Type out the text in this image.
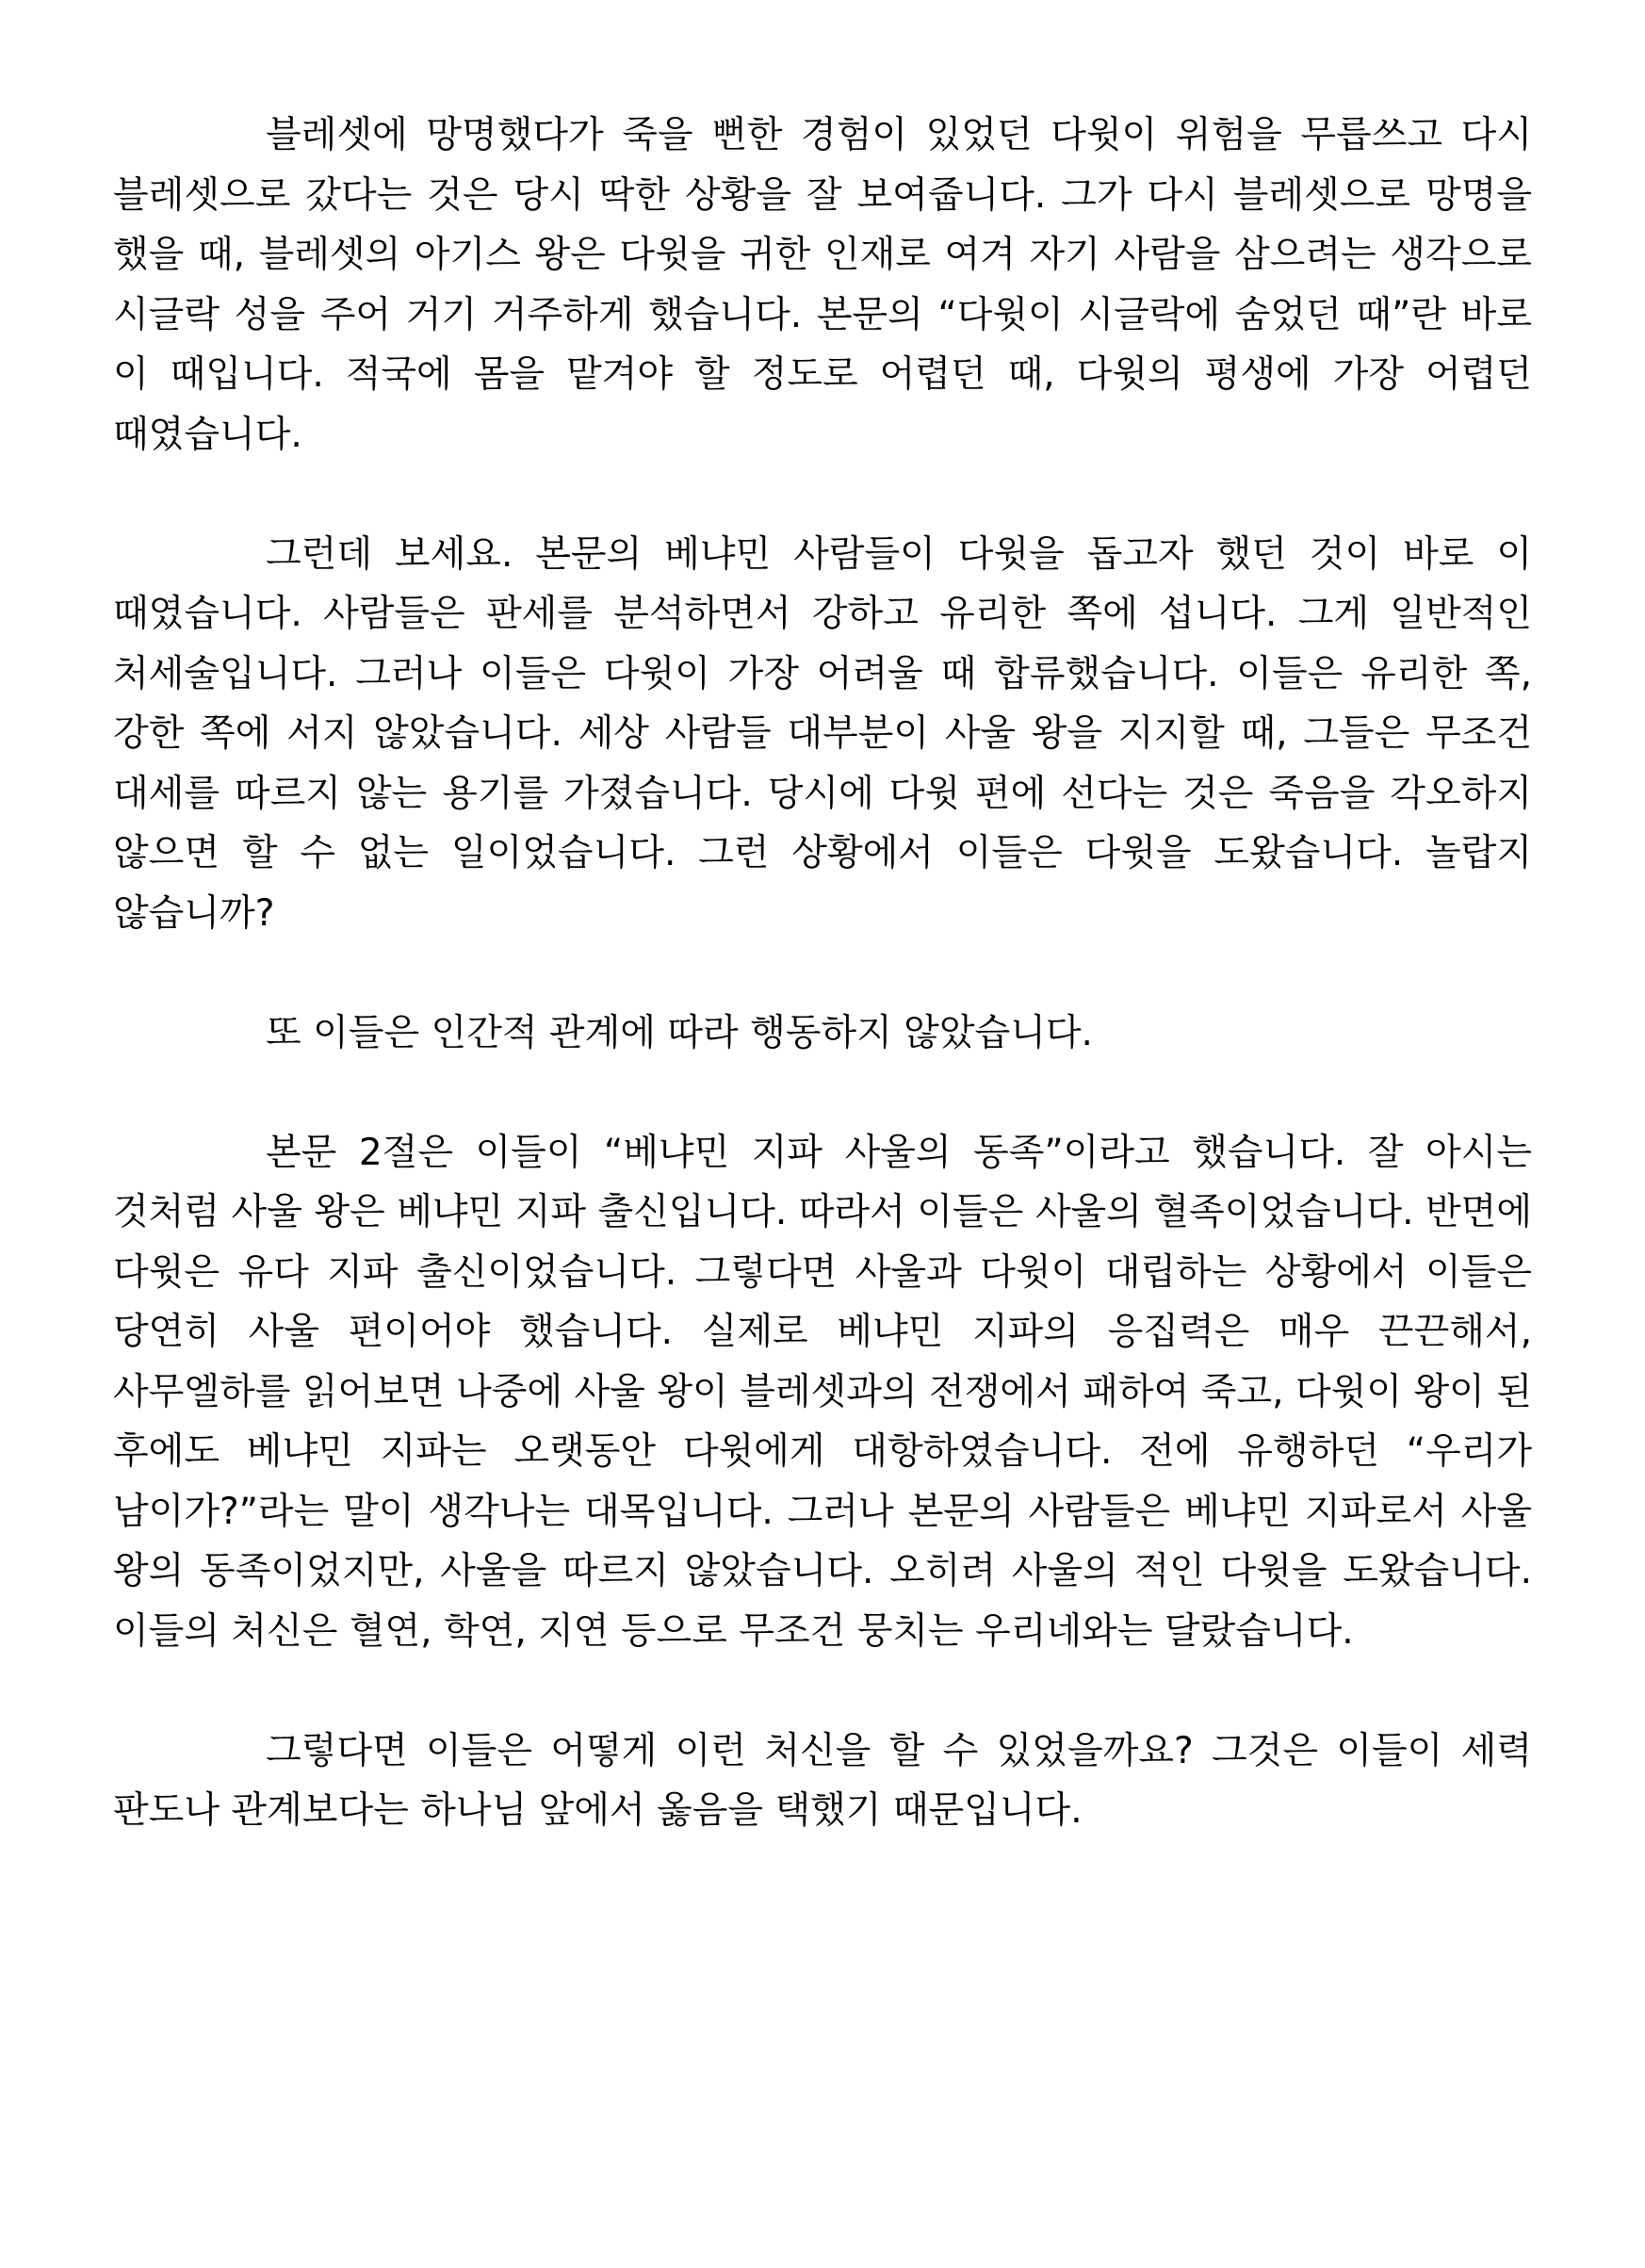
블레셋에 망명했다가 죽을 뻔한 경험이 있었던 다윗이 위험을 무릅쓰고 다시 블레셋으로 갔다는 것은 당시 딱한 상황을 잘 보여줍니다. 그가 다시 블레셋으로 망명을 했을 때, 블레셋의 아기스 왕은 다윗을 귀한 인재로 여겨 자기 사람을 삼으려는 생각으로 시글락 성을 주어 거기 거주하게 했습니다. 본문의 “다윗이 시글락에 숨었던 때”란 바로 이 때입니다. 적국에 몸을 맡겨야 할 정도로 어렵던 때, 다윗의 평생에 가장 어렵던 때였습니다.

그런데 보세요. 본문의 베냐민 사람들이 다윗을 돕고자 했던 것이 바로 이 때였습니다. 사람들은 판세를 분석하면서 강하고 유리한 쪽에 섭니다. 그게 일반적인 처세술입니다. 그러나 이들은 다윗이 가장 어려울 때 합류했습니다. 이들은 유리한 쪽, 강한 쪽에 서지 않았습니다. 세상 사람들 대부분이 사울 왕을 지지할 때, 그들은 무조건 대세를 따르지 않는 용기를 가졌습니다. 당시에 다윗 편에 선다는 것은 죽음을 각오하지 않으면 할 수 없는 일이었습니다. 그런 상황에서 이들은 다윗을 도왔습니다. 놀랍지 않습니까?

또 이들은 인간적 관계에 따라 행동하지 않았습니다.

본문 2절은 이들이 “베냐민 지파 사울의 동족”이라고 했습니다. 잘 아시는 것처럼 사울 왕은 베냐민 지파 출신입니다. 따라서 이들은 사울의 혈족이었습니다. 반면에 다윗은 유다 지파 출신이었습니다. 그렇다면 사울과 다윗이 대립하는 상황에서 이들은 당연히 사울 편이어야 했습니다. 실제로 베냐민 지파의 응집력은 매우 끈끈해서, 사무엘하를 읽어보면 나중에 사울 왕이 블레셋과의 전쟁에서 패하여 죽고, 다윗이 왕이 된 후에도 베냐민 지파는 오랫동안 다윗에게 대항하였습니다. 전에 유행하던 “우리가 남이가?”라는 말이 생각나는 대목입니다. 그러나 본문의 사람들은 베냐민 지파로서 사울 왕의 동족이었지만, 사울을 따르지 않았습니다. 오히려 사울의 적인 다윗을 도왔습니다. 이들의 처신은 혈연, 학연, 지연 등으로 무조건 뭉치는 우리네와는 달랐습니다.

그렇다면 이들은 어떻게 이런 처신을 할 수 있었을까요? 그것은 이들이 세력 판도나 관계보다는 하나님 앞에서 옳음을 택했기 때문입니다.
